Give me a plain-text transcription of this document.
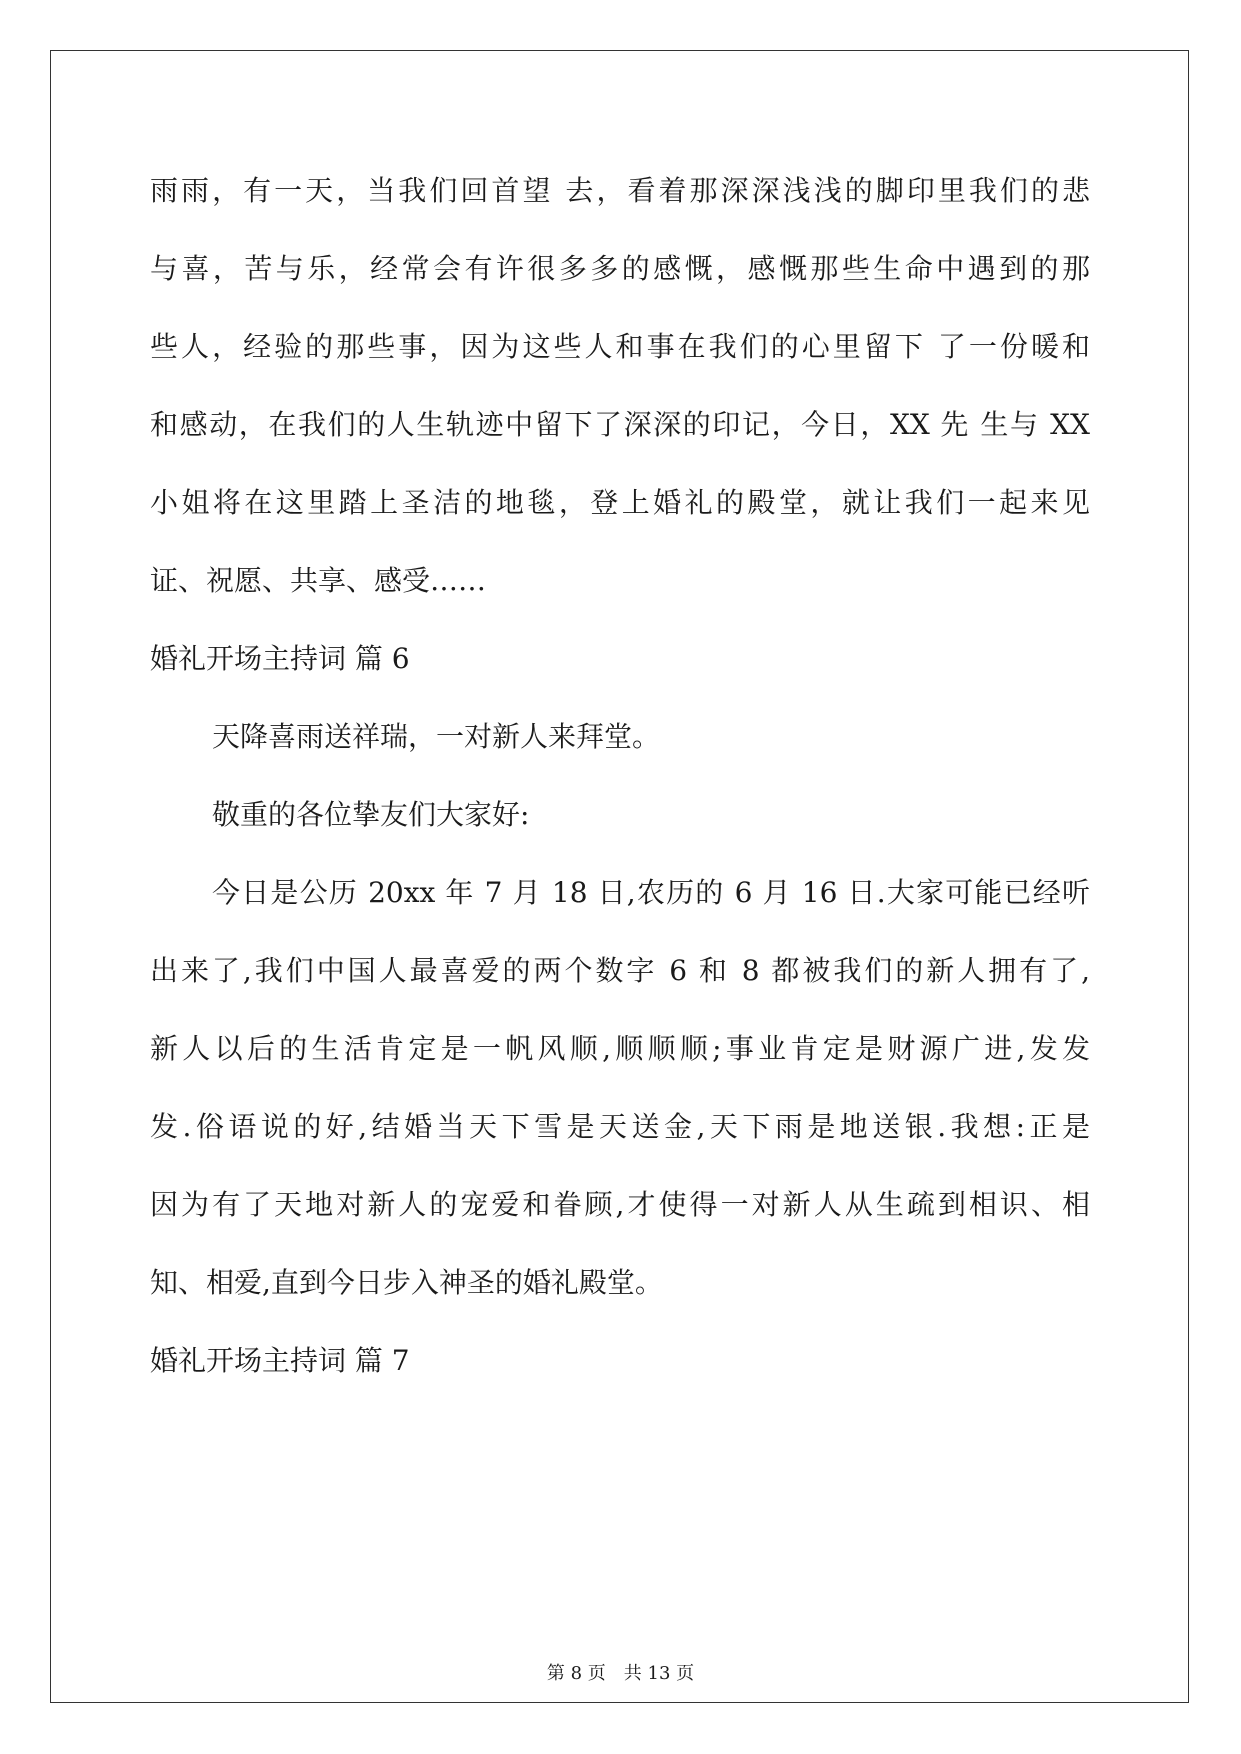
雨雨，有一天，当我们回首望 去，看着那深深浅浅的脚印里我们的悲
与喜，苦与乐，经常会有许很多多的感慨，感慨那些生命中遇到的那
些人，经验的那些事，因为这些人和事在我们的心里留下 了一份暖和
和感动，在我们的人生轨迹中留下了深深的印记，今日，XX 先 生与 XX
小姐将在这里踏上圣洁的地毯，登上婚礼的殿堂，就让我们一起来见
证、祝愿、共享、感受……
婚礼开场主持词 篇 6
天降喜雨送祥瑞，一对新人来拜堂。
敬重的各位挚友们大家好:
今日是公历 20xx 年 7 月 18 日,农历的 6 月 16 日.大家可能已经听
出来了,我们中国人最喜爱的两个数字 6 和 8 都被我们的新人拥有了,
新人以后的生活肯定是一帆风顺,顺顺顺;事业肯定是财源广进,发发
发.俗语说的好,结婚当天下雪是天送金,天下雨是地送银.我想:正是
因为有了天地对新人的宠爱和眷顾,才使得一对新人从生疏到相识、相
知、相爱,直到今日步入神圣的婚礼殿堂。
婚礼开场主持词 篇 7
第 8 页 共 13 页
